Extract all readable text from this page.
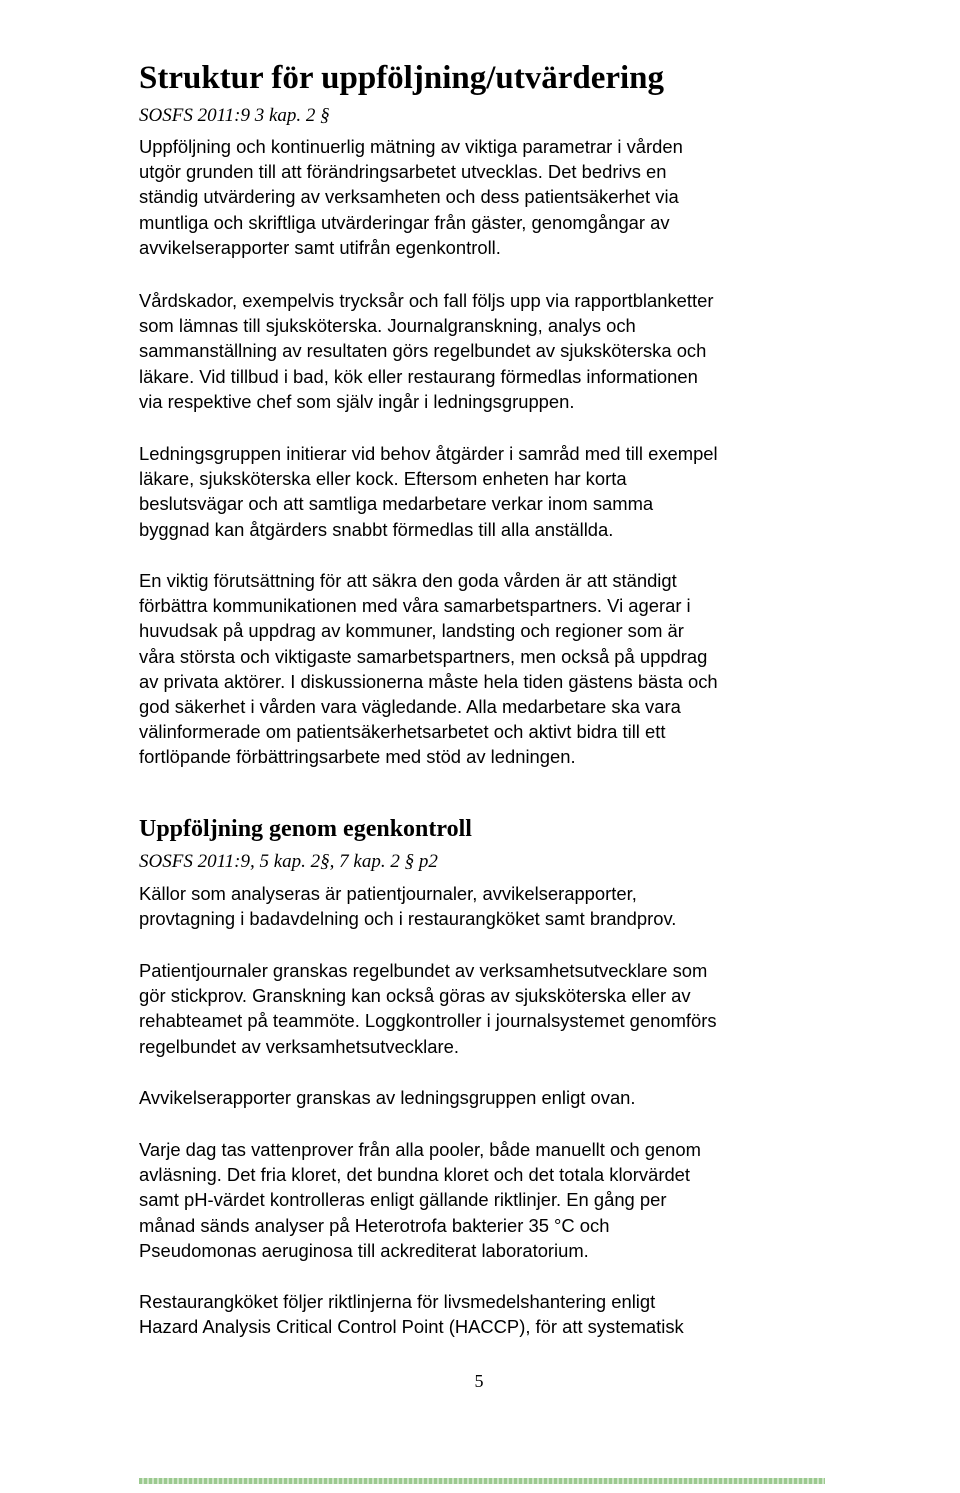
Struktur för uppföljning/utvärdering

SOSFS 2011:9 3 kap. 2 §

Uppföljning och kontinuerlig mätning av viktiga parametrar i vården
utgör grunden till att förändringsarbetet utvecklas. Det bedrivs en
ständig utvärdering av verksamheten och dess patientsäkerhet via
muntliga och skriftliga utvärderingar från gäster, genomgångar av
avvikelserapporter samt utifrån egenkontroll.

Vårdskador, exempelvis trycksår och fall följs upp via rapportblanketter
som lämnas till sjuksköterska. Journalgranskning, analys och
sammanställning av resultaten görs regelbundet av sjuksköterska och
läkare. Vid tillbud i bad, kök eller restaurang förmedlas informationen
via respektive chef som själv ingår i ledningsgruppen.

Ledningsgruppen initierar vid behov åtgärder i samråd med till exempel
läkare, sjuksköterska eller kock. Eftersom enheten har korta
beslutsvägar och att samtliga medarbetare verkar inom samma
byggnad kan åtgärders snabbt förmedlas till alla anställda.

En viktig förutsättning för att säkra den goda vården är att ständigt
förbättra kommunikationen med våra samarbetspartners. Vi agerar i
huvudsak på uppdrag av kommuner, landsting och regioner som är
våra största och viktigaste samarbetspartners, men också på uppdrag
av privata aktörer. I diskussionerna måste hela tiden gästens bästa och
god säkerhet i vården vara vägledande. Alla medarbetare ska vara
välinformerade om patientsäkerhetsarbetet och aktivt bidra till ett
fortlöpande förbättringsarbete med stöd av ledningen.

Uppföljning genom egenkontroll

SOSFS 2011:9, 5 kap. 2§, 7 kap. 2 § p2

Källor som analyseras är patientjournaler, avvikelserapporter,
provtagning i badavdelning och i restaurangköket samt brandprov.

Patientjournaler granskas regelbundet av verksamhetsutvecklare som
gör stickprov. Granskning kan också göras av sjuksköterska eller av
rehabteamet på teammöte. Loggkontroller i journalsystemet genomförs
regelbundet av verksamhetsutvecklare.

Avvikelserapporter granskas av ledningsgruppen enligt ovan.

Varje dag tas vattenprover från alla pooler, både manuellt och genom
avläsning. Det fria kloret, det bundna kloret och det totala klorvärdet
samt pH-värdet kontrolleras enligt gällande riktlinjer. En gång per
månad sänds analyser på Heterotrofa bakterier 35 °C och
Pseudomonas aeruginosa till ackrediterat laboratorium.

Restaurangköket följer riktlinjerna för livsmedelshantering enligt
Hazard Analysis Critical Control Point (HACCP), för att systematisk

5
